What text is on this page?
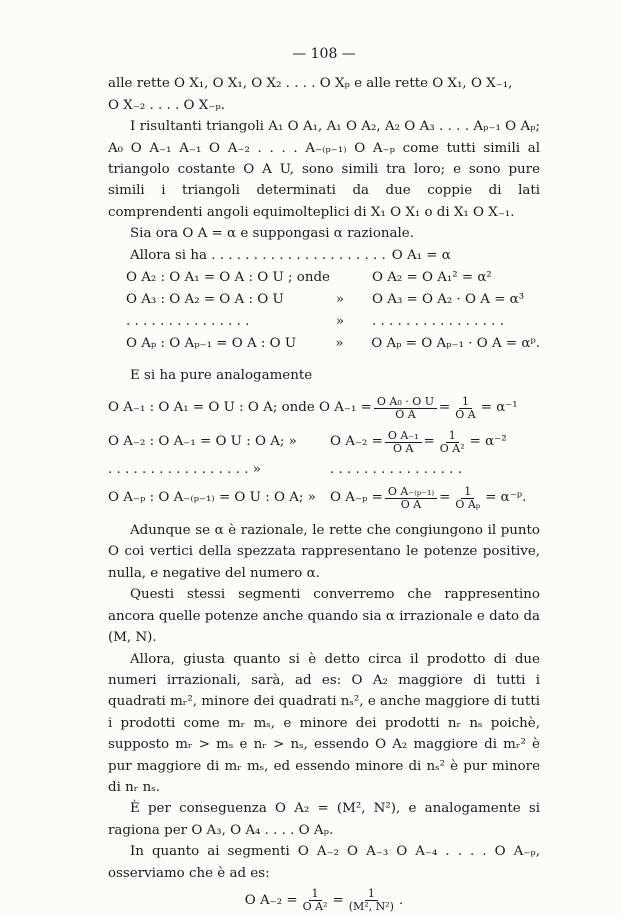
— 108 —

alle rette O X₁, O X₁, O X₂ . . . . O Xₚ e alle rette O X₁, O X₋₁,

O X₋₂ . . . . O X₋ₚ.

I risultanti triangoli A₁ O A₁, A₁ O A₂, A₂ O A₃ . . . . Aₚ₋₁ O Aₚ; A₀ O A₋₁ A₋₁ O A₋₂ . . . . A₋₍ₚ₋₁₎ O A₋ₚ come tutti simili al triangolo costante O A U, sono simili tra loro; e sono pure simili i triangoli determinati da due coppie di lati comprendenti angoli equimolteplici di X₁ O X₁ o di X₁ O X₋₁.

Sia ora O A = α e suppongasi α razionale.

Allora si ha . . . . . . . . . . . . . . . . . . . . . O A₁ = α
O A₂ : O A₁ = O A : O U ; onde	O A₂ = O A₁² = α²
O A₃ : O A₂ = O A : O U	»	O A₃ = O A₂ · O A = α³
. . . . . . . . . . . . . . .	»	. . . . . . . . . . . . . . . .
O Aₚ : O Aₚ₋₁ = O A : O U	»	O Aₚ = O Aₚ₋₁ · O A = αᵖ.

E si ha pure analogamente

O A₋₁ : O A₁ = O U : O A; onde O $A_{-1} = \frac{\text{O A₀ · O U}}{\text{O A}} = \frac{1}{\text{O A}} = \alpha^{-1}$
O A₋₂ : O A₋₁ = O U : O A; »	O $A_{-2} = \frac{\text{O A₋₁}}{\text{O A}} = \frac{1}{\text{O A²}} = \alpha^{-2}$
. . . . . . . . . . . . . . . . . »	. . . . . . . . . . . . . . . .
O A₋ₚ : O A₋₍ₚ₋₁₎ = O U : O A; »	O $A_{-p} = \frac{\text{O A₋₍ₚ₋₁₎}}{\text{O A}} = \frac{1}{\text{O Aₚ}}$ = α⁻ᵖ.

Adunque se α è razionale, le rette che congiungono il punto O coi vertici della spezzata rappresentano le potenze positive, nulla, e negative del numero α.

Questi stessi segmenti converremo che rappresentino ancora quelle potenze anche quando sia α irrazionale e dato da (M, N).

Allora, giusta quanto si è detto circa il prodotto di due numeri irrazionali, sarà, ad es: O A₂ maggiore di tutti i quadrati mᵣ², minore dei quadrati nₛ², e anche maggiore di tutti i prodotti come mᵣ mₛ, e minore dei prodotti nᵣ nₛ poichè, supposto mᵣ > mₛ e nᵣ > nₛ, essendo O A₂ maggiore di mᵣ² è pur maggiore di mᵣ mₛ, ed essendo minore di nₛ² è pur minore di nᵣ nₛ.

È per conseguenza O A₂ = (M², N²), e analogamente si ragiona per O A₃, O A₄ . . . . O Aₚ.

In quanto ai segmenti O A₋₂ O A₋₃ O A₋₄ . . . . O A₋ₚ, osserviamo che è ad es:

O $A_{-2} = \frac{1}{\text{O A²}} = \frac{1}{\text{(M², N²)}}$ .
